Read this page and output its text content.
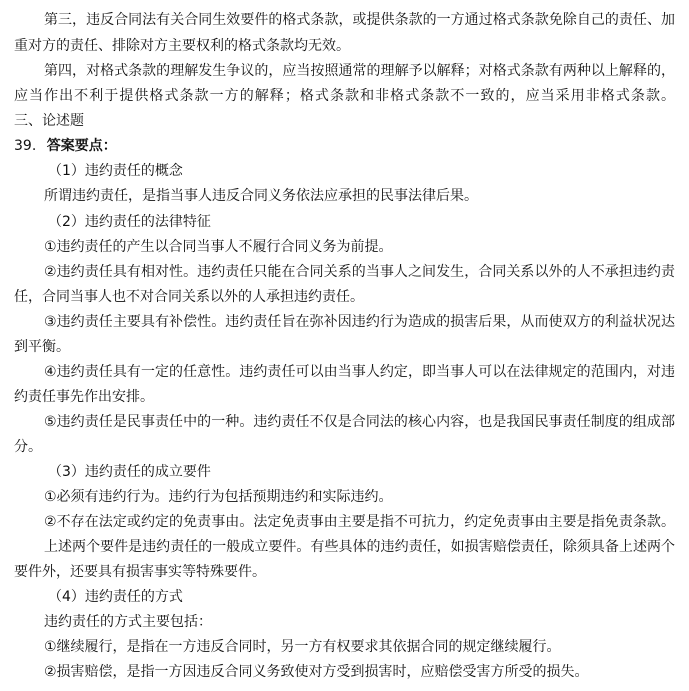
第三，违反合同法有关合同生效要件的格式条款，或提供条款的一方通过格式条款免除自己的责任、加
重对方的责任、排除对方主要权利的格式条款均无效。
第四，对格式条款的理解发生争议的，应当按照通常的理解予以解释；对格式条款有两种以上解释的，
应当作出不利于提供格式条款一方的解释；格式条款和非格式条款不一致的，应当采用非格式条款。
三、论述题
39. 答案要点：
（1）违约责任的概念
所谓违约责任，是指当事人违反合同义务依法应承担的民事法律后果。
（2）违约责任的法律特征
①违约责任的产生以合同当事人不履行合同义务为前提。
②违约责任具有相对性。违约责任只能在合同关系的当事人之间发生，合同关系以外的人不承担违约责
任，合同当事人也不对合同关系以外的人承担违约责任。
③违约责任主要具有补偿性。违约责任旨在弥补因违约行为造成的损害后果，从而使双方的利益状况达
到平衡。
④违约责任具有一定的任意性。违约责任可以由当事人约定，即当事人可以在法律规定的范围内，对违
约责任事先作出安排。
⑤违约责任是民事责任中的一种。违约责任不仅是合同法的核心内容，也是我国民事责任制度的组成部
分。
（3）违约责任的成立要件
①必须有违约行为。违约行为包括预期违约和实际违约。
②不存在法定或约定的免责事由。法定免责事由主要是指不可抗力，约定免责事由主要是指免责条款。
上述两个要件是违约责任的一般成立要件。有些具体的违约责任，如损害赔偿责任，除须具备上述两个
要件外，还要具有损害事实等特殊要件。
（4）违约责任的方式
违约责任的方式主要包括：
①继续履行，是指在一方违反合同时，另一方有权要求其依据合同的规定继续履行。
②损害赔偿，是指一方因违反合同义务致使对方受到损害时，应赔偿受害方所受的损失。
